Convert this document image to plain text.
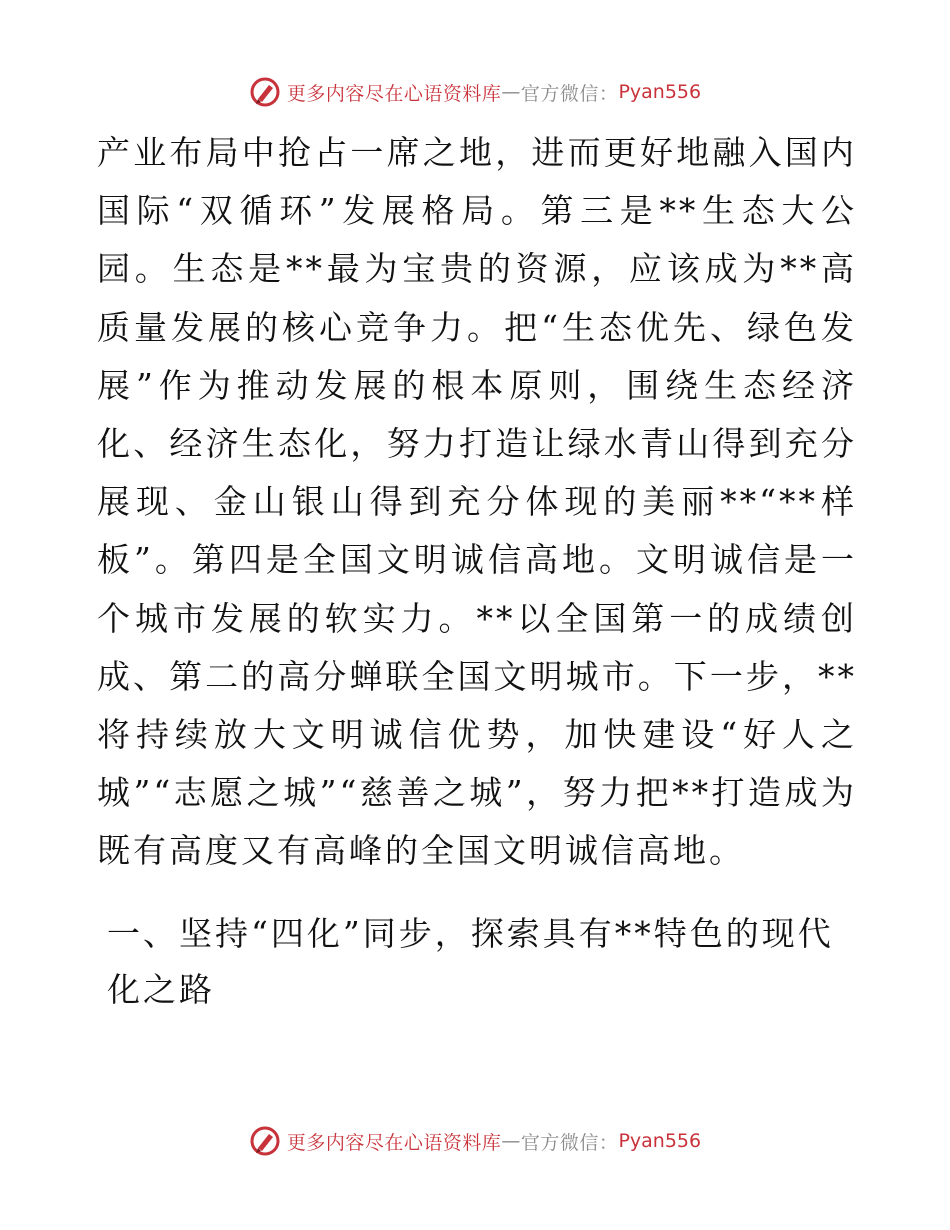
更多内容尽在心语资料库 — 官方微信： Pyan556

产业布局中抢占一席之地，进而更好地融入国内国际“双循环”发展格局。第三是**生态大公园。生态是**最为宝贵的资源，应该成为**高质量发展的核心竞争力。把“生态优先、绿色发展”作为推动发展的根本原则，围绕生态经济化、经济生态化，努力打造让绿水青山得到充分展现、金山银山得到充分体现的美丽**“**样板”。第四是全国文明诚信高地。文明诚信是一个城市发展的软实力。**以全国第一的成绩创成、第二的高分蝉联全国文明城市。下一步，**将持续放大文明诚信优势，加快建设“好人之城”“志愿之城”“慈善之城”，努力把**打造成为既有高度又有高峰的全国文明诚信高地。

一、坚持“四化”同步，探索具有**特色的现代化之路

更多内容尽在心语资料库 — 官方微信： Pyan556
